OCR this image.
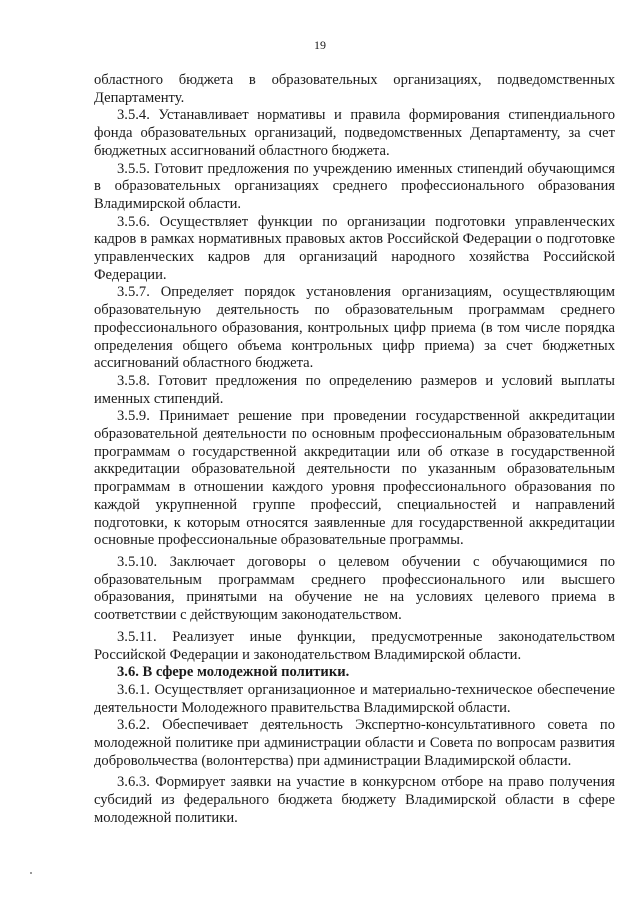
19

областного бюджета в образовательных организациях, подведомственных Департаменту.

3.5.4. Устанавливает нормативы и правила формирования стипендиального фонда образовательных организаций, подведомственных Департаменту, за счет бюджетных ассигнований областного бюджета.

3.5.5. Готовит предложения по учреждению именных стипендий обучающимся в образовательных организациях среднего профессионального образования Владимирской области.

3.5.6. Осуществляет функции по организации подготовки управленческих кадров в рамках нормативных правовых актов Российской Федерации о подготовке управленческих кадров для организаций народного хозяйства Российской Федерации.

3.5.7. Определяет порядок установления организациям, осуществляющим образовательную деятельность по образовательным программам среднего профессионального образования, контрольных цифр приема (в том числе порядка определения общего объема контрольных цифр приема) за счет бюджетных ассигнований областного бюджета.

3.5.8. Готовит предложения по определению размеров и условий выплаты именных стипендий.

3.5.9. Принимает решение при проведении государственной аккредитации образовательной деятельности по основным профессиональным образовательным программам о государственной аккредитации или об отказе в государственной аккредитации образовательной деятельности по указанным образовательным программам в отношении каждого уровня профессионального образования по каждой укрупненной группе профессий, специальностей и направлений подготовки, к которым относятся заявленные для государственной аккредитации основные профессиональные образовательные программы.

3.5.10. Заключает договоры о целевом обучении с обучающимися по образовательным программам среднего профессионального или высшего образования, принятыми на обучение не на условиях целевого приема в соответствии с действующим законодательством.

3.5.11. Реализует иные функции, предусмотренные законодательством Российской Федерации и законодательством Владимирской области.

3.6. В сфере молодежной политики.

3.6.1. Осуществляет организационное и материально-техническое обеспечение деятельности Молодежного правительства Владимирской области.

3.6.2. Обеспечивает деятельность Экспертно-консультативного совета по молодежной политике при администрации области и Совета по вопросам развития добровольчества (волонтерства) при администрации Владимирской области.

3.6.3. Формирует заявки на участие в конкурсном отборе на право получения субсидий из федерального бюджета бюджету Владимирской области в сфере молодежной политики.
